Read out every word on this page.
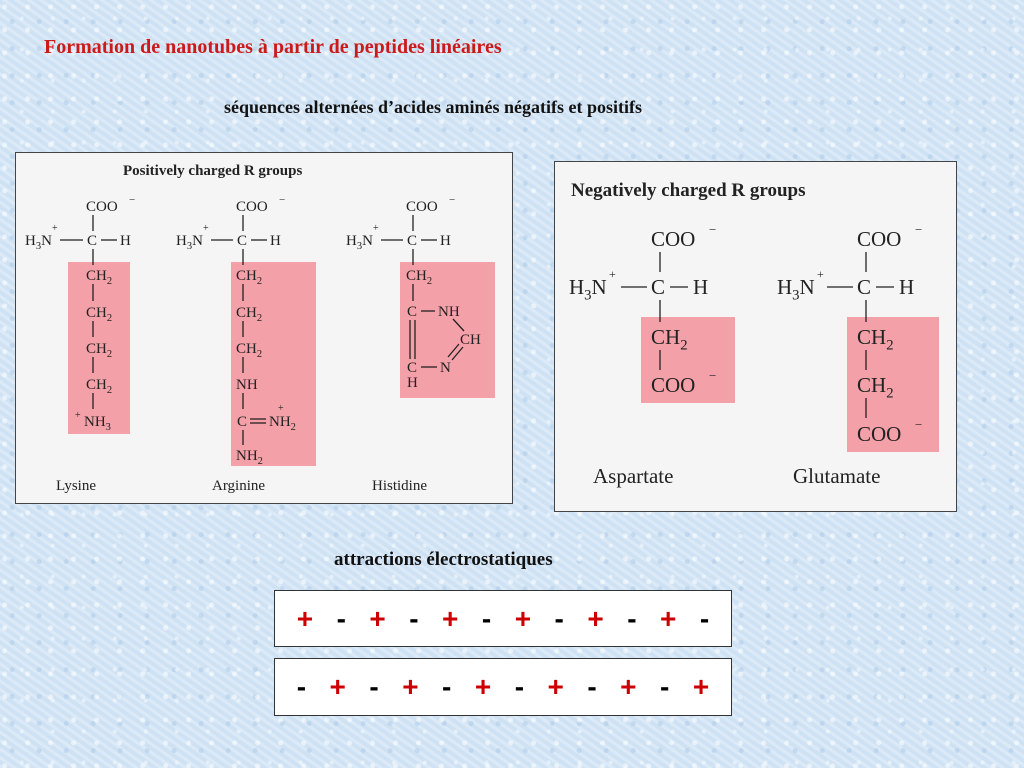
Formation de nanotubes à partir de peptides linéaires
séquences alternées d’acides aminés négatifs et positifs
Positively charged R groups
COO −
$H_3N$
+
C H
$CH_2$
$CH_2$
$CH_2$
$CH_2$
+ $NH_3$
Lysine
COO −
$H_3N$
+
C H
$CH_2$
$CH_2$
$CH_2$
NH
C
+
$NH_2$
$NH_2$
Arginine
COO −
$H_3N$
+
C H
$CH_2$
C NH
CH
C N
H
Histidine
Negatively charged R groups
COO −
$H_3N$
+
C H
$CH_2$
COO −
Aspartate
COO −
$H_3N$
+
C H
$CH_2$
$CH_2$
COO −
Glutamate
attractions électrostatiques
+ - + - + - + - + - + -
- + - + - + - + - + - +
